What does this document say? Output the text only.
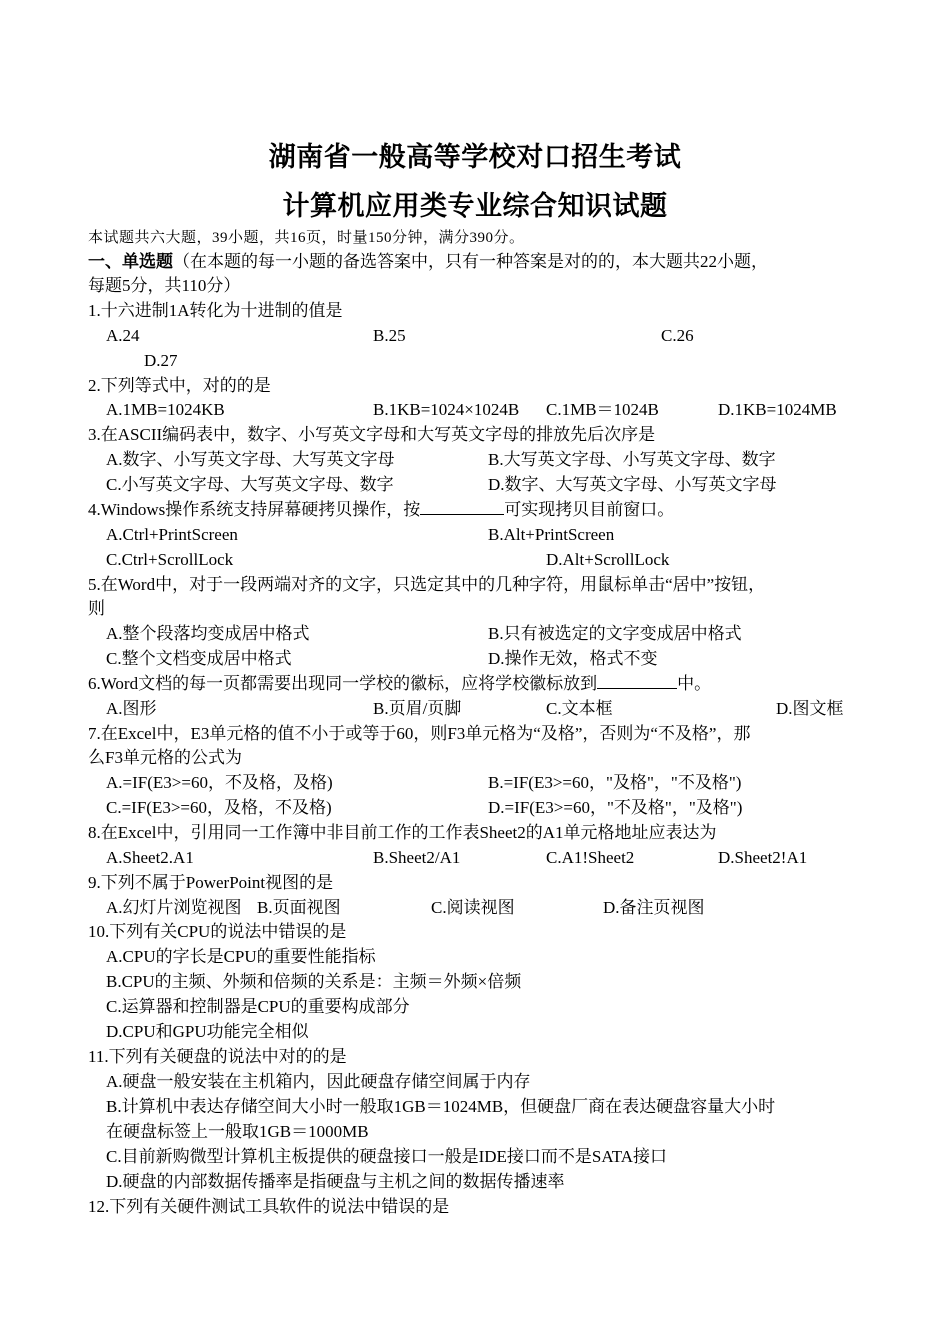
湖南省一般高等学校对口招生考试
计算机应用类专业综合知识试题
本试题共六大题，39小题，共16页，时量150分钟，满分390分。
一、单选题（在本题的每一小题的备选答案中，只有一种答案是对的的，本大题共22小题，
每题5分，共110分）
1.十六进制1A转化为十进制的值是
A.24	B.25	C.26
D.27
2.下列等式中，对的的是
A.1MB=1024KB	B.1KB=1024×1024B C.1MB＝1024B	D.1KB=1024MB
3.在ASCII编码表中，数字、小写英文字母和大写英文字母的排放先后次序是
A.数字、小写英文字母、大写英文字母	B.大写英文字母、小写英文字母、数字
C.小写英文字母、大写英文字母、数字	D.数字、大写英文字母、小写英文字母
4.Windows操作系统支持屏幕硬拷贝操作，按	可实现拷贝目前窗口。
A.Ctrl+PrintScreen	B.Alt+PrintScreen
C.Ctrl+ScrollLock	D.Alt+ScrollLock
5.在Word中，对于一段两端对齐的文字，只选定其中的几种字符，用鼠标单击“居中”按钮，
则
A.整个段落均变成居中格式	B.只有被选定的文字变成居中格式
C.整个文档变成居中格式	D.操作无效，格式不变
6.Word文档的每一页都需要出现同一学校的徽标，应将学校徽标放到	中。
A.图形	B.页眉/页脚	C.文本框	D.图文框
7.在Excel中，E3单元格的值不小于或等于60，则F3单元格为“及格”，否则为“不及格”，那
么F3单元格的公式为
A.=IF(E3>=60，不及格，及格)	B.=IF(E3>=60，"及格"，"不及格")
C.=IF(E3>=60，及格，不及格)	D.=IF(E3>=60，"不及格"，"及格")
8.在Excel中，引用同一工作簿中非目前工作的工作表Sheet2的A1单元格地址应表达为
A.Sheet2.A1	B.Sheet2/A1	C.A1!Sheet2	D.Sheet2!A1
9.下列不属于PowerPoint视图的是
A.幻灯片浏览视图 B.页面视图	C.阅读视图	D.备注页视图
10.下列有关CPU的说法中错误的是
A.CPU的字长是CPU的重要性能指标
B.CPU的主频、外频和倍频的关系是：主频＝外频×倍频
C.运算器和控制器是CPU的重要构成部分
D.CPU和GPU功能完全相似
11.下列有关硬盘的说法中对的的是
A.硬盘一般安装在主机箱内，因此硬盘存储空间属于内存
B.计算机中表达存储空间大小时一般取1GB＝1024MB，但硬盘厂商在表达硬盘容量大小时
在硬盘标签上一般取1GB＝1000MB
C.目前新购微型计算机主板提供的硬盘接口一般是IDE接口而不是SATA接口
D.硬盘的内部数据传播率是指硬盘与主机之间的数据传播速率
12.下列有关硬件测试工具软件的说法中错误的是
